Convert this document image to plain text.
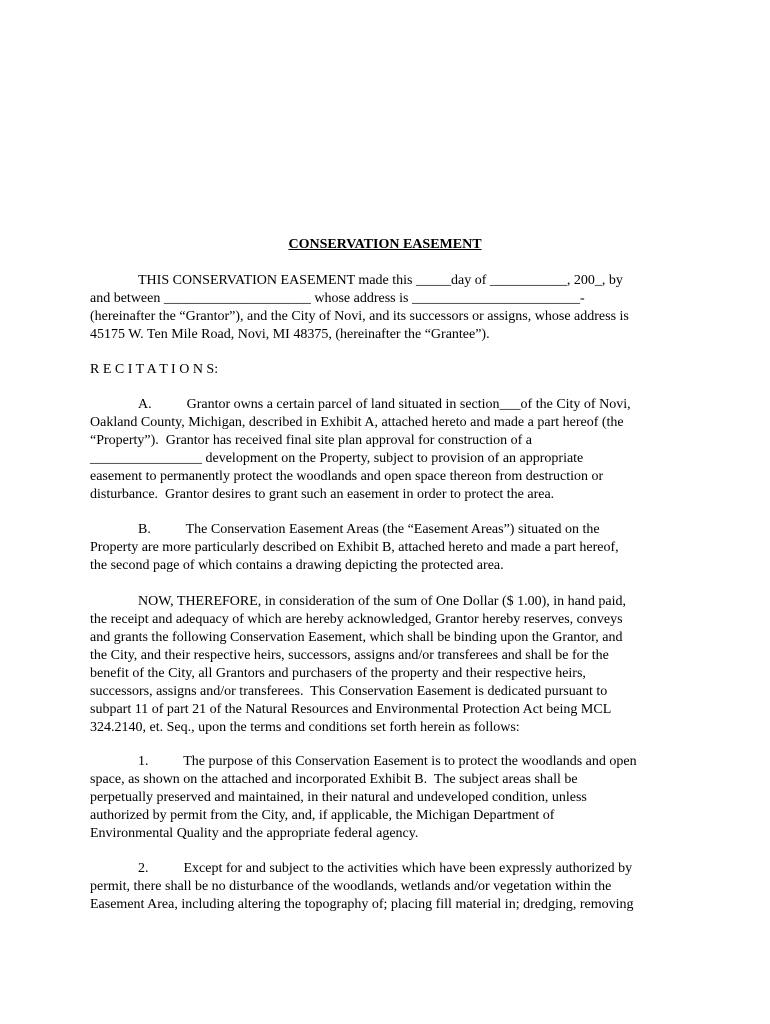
CONSERVATION EASEMENT
THIS CONSERVATION EASEMENT made this _____day of ___________, 200_, by
and between _____________________ whose address is ________________________-
(hereinafter the “Grantor”), and the City of Novi, and its successors or assigns, whose address is
45175 W. Ten Mile Road, Novi, MI 48375, (hereinafter the “Grantee”).
R E C I T A T I O N S:
A.          Grantor owns a certain parcel of land situated in section___of the City of Novi,
Oakland County, Michigan, described in Exhibit A, attached hereto and made a part hereof (the
“Property”).  Grantor has received final site plan approval for construction of a
________________ development on the Property, subject to provision of an appropriate
easement to permanently protect the woodlands and open space thereon from destruction or
disturbance.  Grantor desires to grant such an easement in order to protect the area.
B.          The Conservation Easement Areas (the “Easement Areas”) situated on the
Property are more particularly described on Exhibit B, attached hereto and made a part hereof,
the second page of which contains a drawing depicting the protected area.
NOW, THEREFORE, in consideration of the sum of One Dollar ($ 1.00), in hand paid,
the receipt and adequacy of which are hereby acknowledged, Grantor hereby reserves, conveys
and grants the following Conservation Easement, which shall be binding upon the Grantor, and
the City, and their respective heirs, successors, assigns and/or transferees and shall be for the
benefit of the City, all Grantors and purchasers of the property and their respective heirs,
successors, assigns and/or transferees.  This Conservation Easement is dedicated pursuant to
subpart 11 of part 21 of the Natural Resources and Environmental Protection Act being MCL
324.2140, et. Seq., upon the terms and conditions set forth herein as follows:
1.          The purpose of this Conservation Easement is to protect the woodlands and open
space, as shown on the attached and incorporated Exhibit B.  The subject areas shall be
perpetually preserved and maintained, in their natural and undeveloped condition, unless
authorized by permit from the City, and, if applicable, the Michigan Department of
Environmental Quality and the appropriate federal agency.
2.          Except for and subject to the activities which have been expressly authorized by
permit, there shall be no disturbance of the woodlands, wetlands and/or vegetation within the
Easement Area, including altering the topography of; placing fill material in; dredging, removing
